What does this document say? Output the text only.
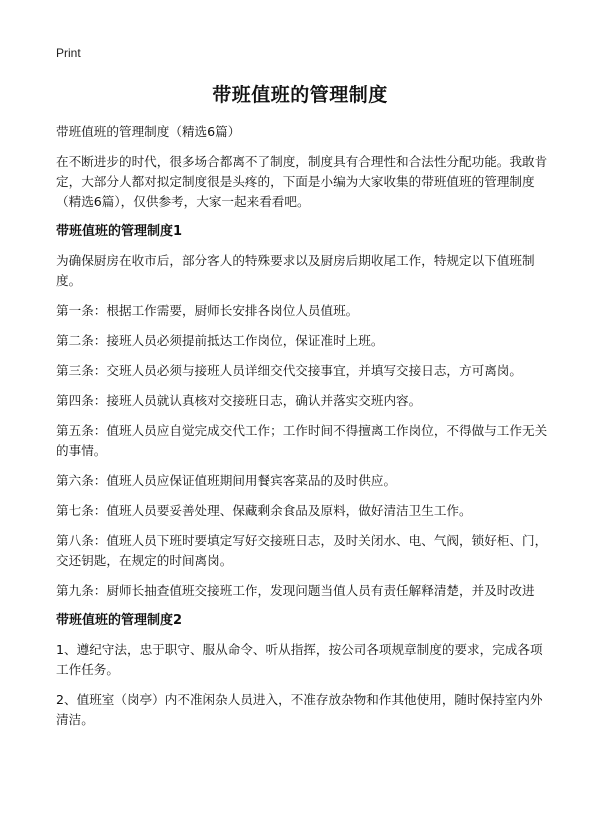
Print
带班值班的管理制度
带班值班的管理制度（精选6篇）
在不断进步的时代，很多场合都离不了制度，制度具有合理性和合法性分配功能。我敢肯定，大部分人都对拟定制度很是头疼的，下面是小编为大家收集的带班值班的管理制度（精选6篇），仅供参考，大家一起来看看吧。
带班值班的管理制度1
为确保厨房在收市后，部分客人的特殊要求以及厨房后期收尾工作，特规定以下值班制度。
第一条：根据工作需要，厨师长安排各岗位人员值班。
第二条：接班人员必须提前抵达工作岗位，保证准时上班。
第三条：交班人员必须与接班人员详细交代交接事宜，并填写交接日志，方可离岗。
第四条：接班人员就认真核对交接班日志，确认并落实交班内容。
第五条：值班人员应自觉完成交代工作；工作时间不得擅离工作岗位，不得做与工作无关的事情。
第六条：值班人员应保证值班期间用餐宾客菜品的及时供应。
第七条：值班人员要妥善处理、保藏剩余食品及原料，做好清洁卫生工作。
第八条：值班人员下班时要填定写好交接班日志，及时关闭水、电、气阀，锁好柜、门，交还钥匙，在规定的时间离岗。
第九条：厨师长抽查值班交接班工作，发现问题当值人员有责任解释清楚，并及时改进
带班值班的管理制度2
1、遵纪守法，忠于职守、服从命令、听从指挥，按公司各项规章制度的要求，完成各项工作任务。
2、值班室（岗亭）内不准闲杂人员进入，不准存放杂物和作其他使用，随时保持室内外清洁。
